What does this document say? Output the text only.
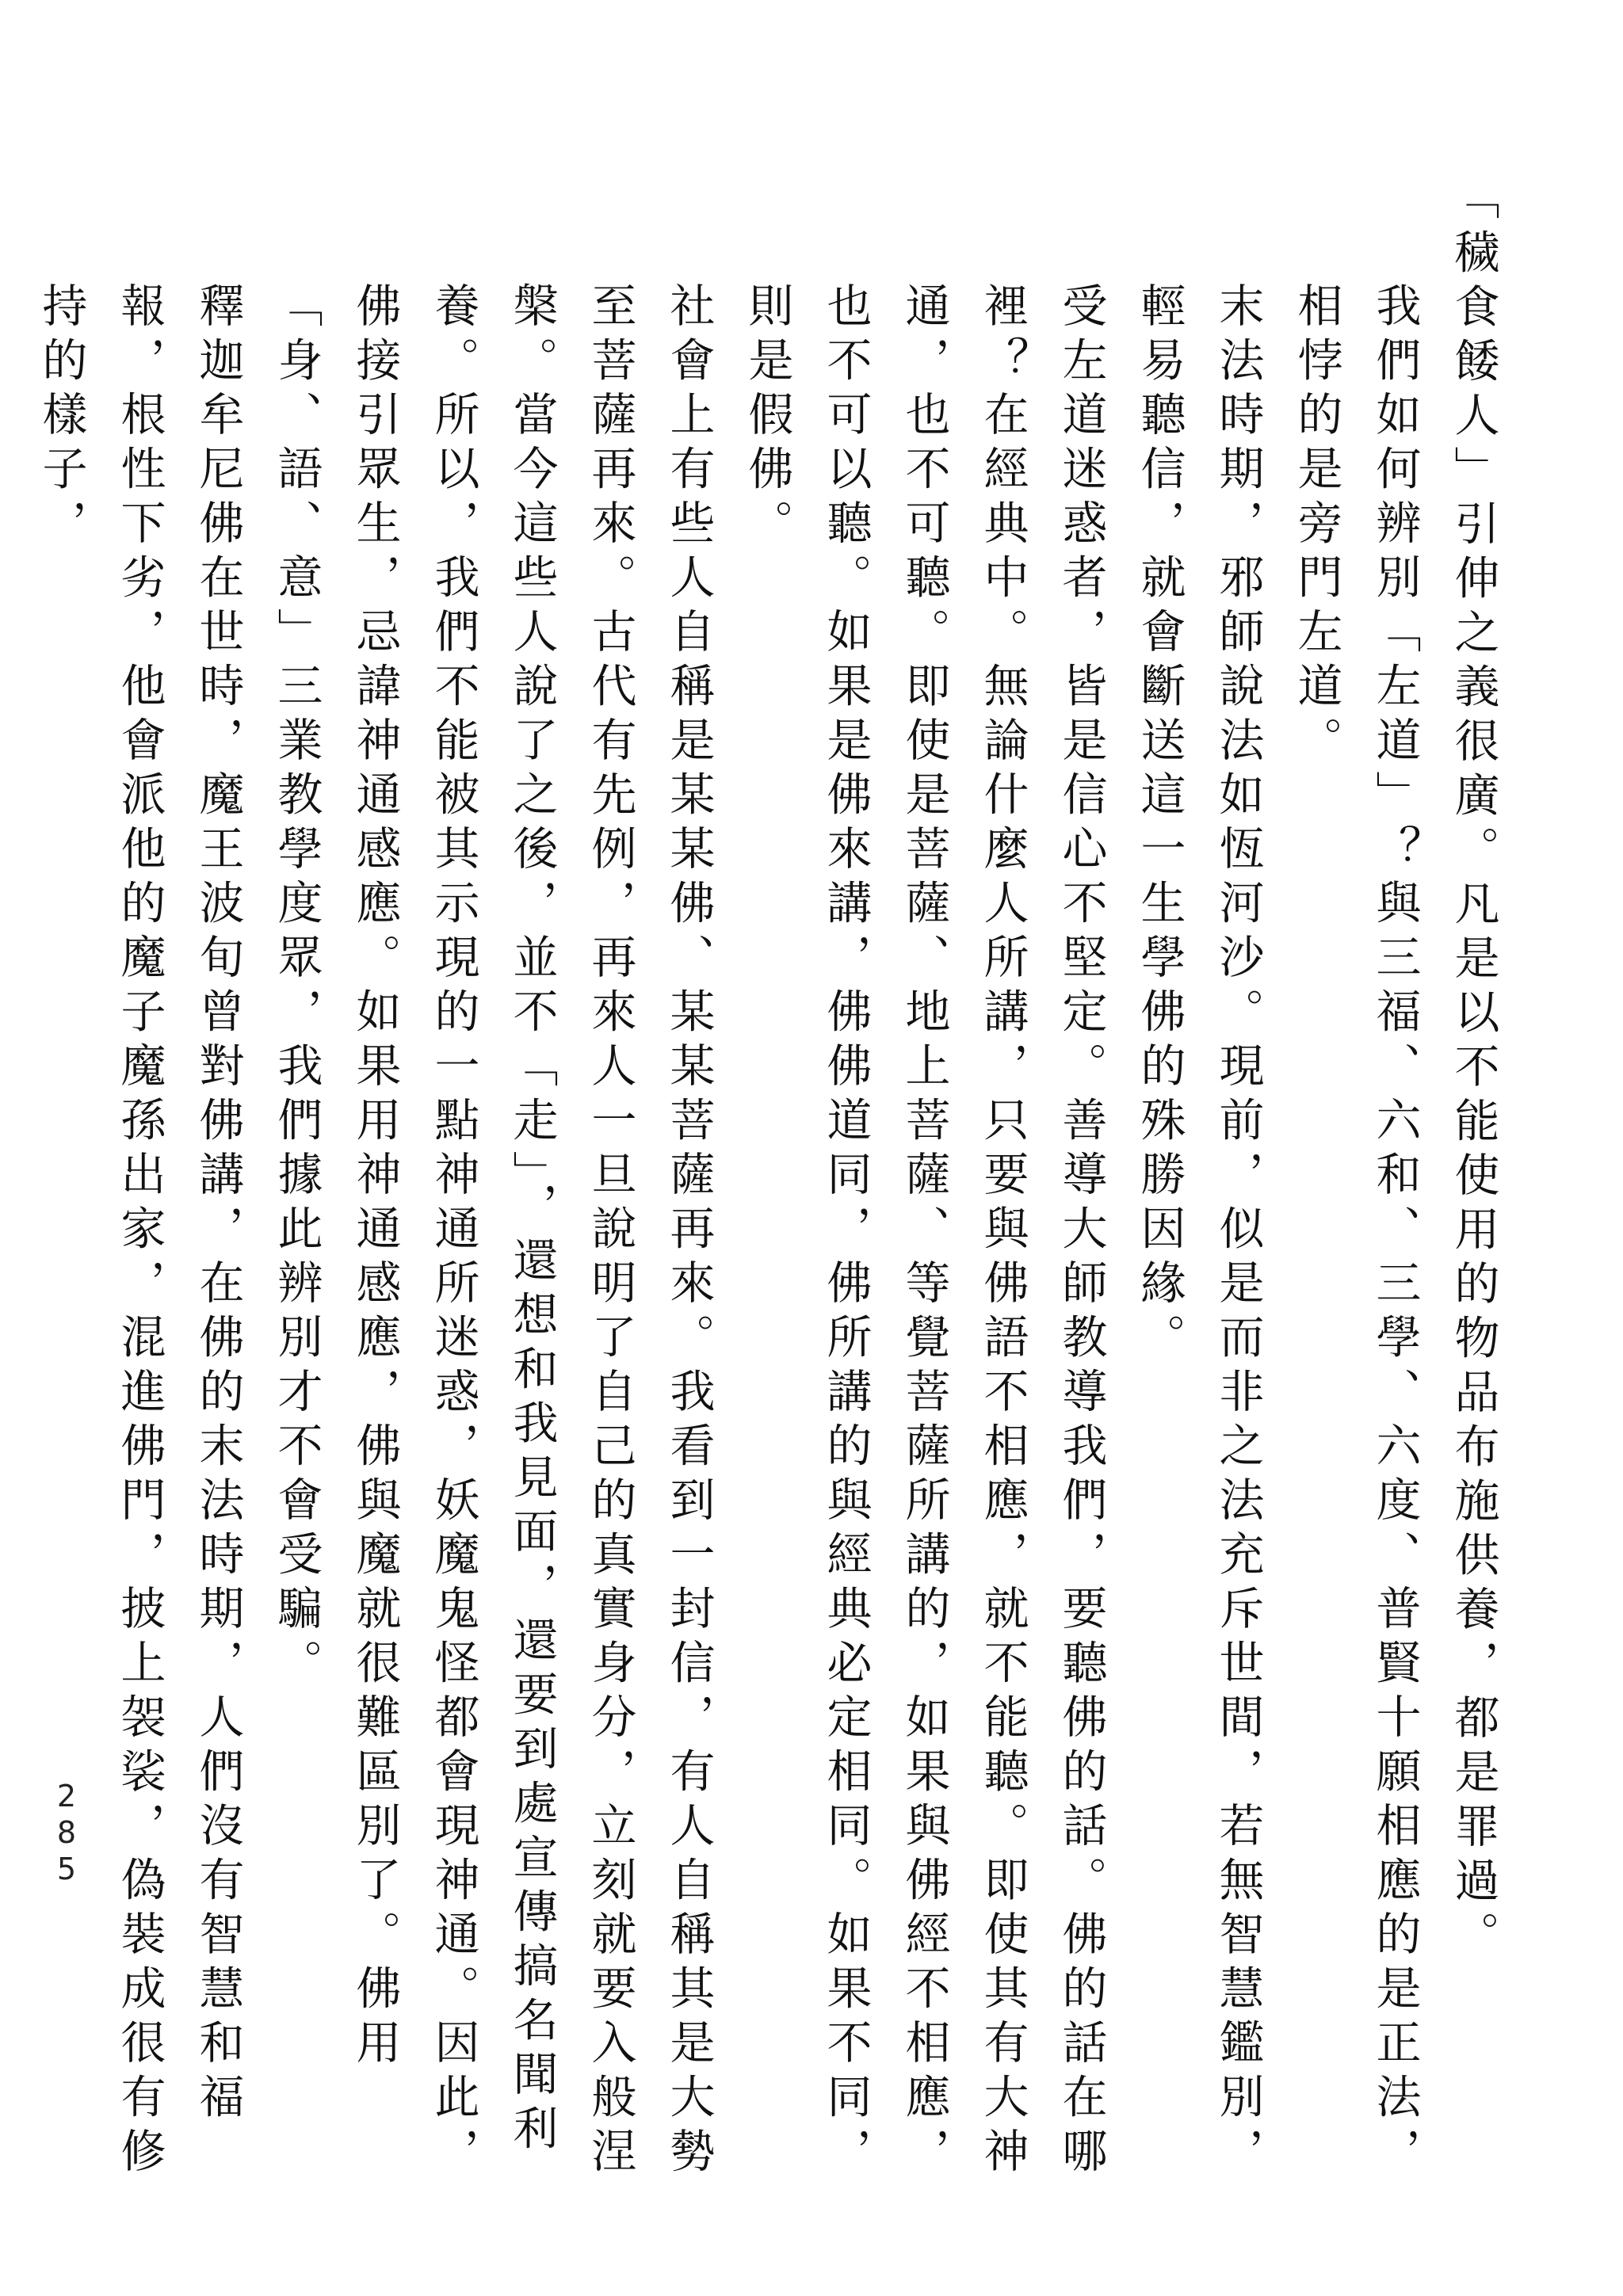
「穢食餧人」引伸之義很廣。凡是以不能使用的物品布施供養，都是罪過。

我們如何辨別「左道」？與三福、六和、三學、六度、普賢十願相應的是正法，相悖的是旁門左道。

末法時期，邪師說法如恆河沙。現前，似是而非之法充斥世間，若無智慧鑑別，輕易聽信，就會斷送這一生學佛的殊勝因緣。

受左道迷惑者，皆是信心不堅定。善導大師教導我們，要聽佛的話。佛的話在哪裡？在經典中。無論什麼人所講，只要與佛語不相應，就不能聽。即使其有大神通，也不可聽。即使是菩薩、地上菩薩、等覺菩薩所講的，如果與佛經不相應，也不可以聽。如果是佛來講，佛佛道同，佛所講的與經典必定相同。如果不同，則是假佛。

社會上有些人自稱是某某佛、某某菩薩再來。我看到一封信，有人自稱其是大勢至菩薩再來。古代有先例，再來人一旦說明了自己的真實身分，立刻就要入般涅槃。當今這些人說了之後，並不「走」，還想和我見面，還要到處宣傳搞名聞利養。所以，我們不能被其示現的一點神通所迷惑，妖魔鬼怪都會現神通。因此，佛接引眾生，忌諱神通感應。如果用神通感應，佛與魔就很難區別了。佛用「身、語、意」三業教學度眾，我們據此辨別才不會受騙。

釋迦牟尼佛在世時，魔王波旬曾對佛講，在佛的末法時期，人們沒有智慧和福報，根性下劣，他會派他的魔子魔孫出家，混進佛門，披上袈裟，偽裝成很有修持的樣子，

285
